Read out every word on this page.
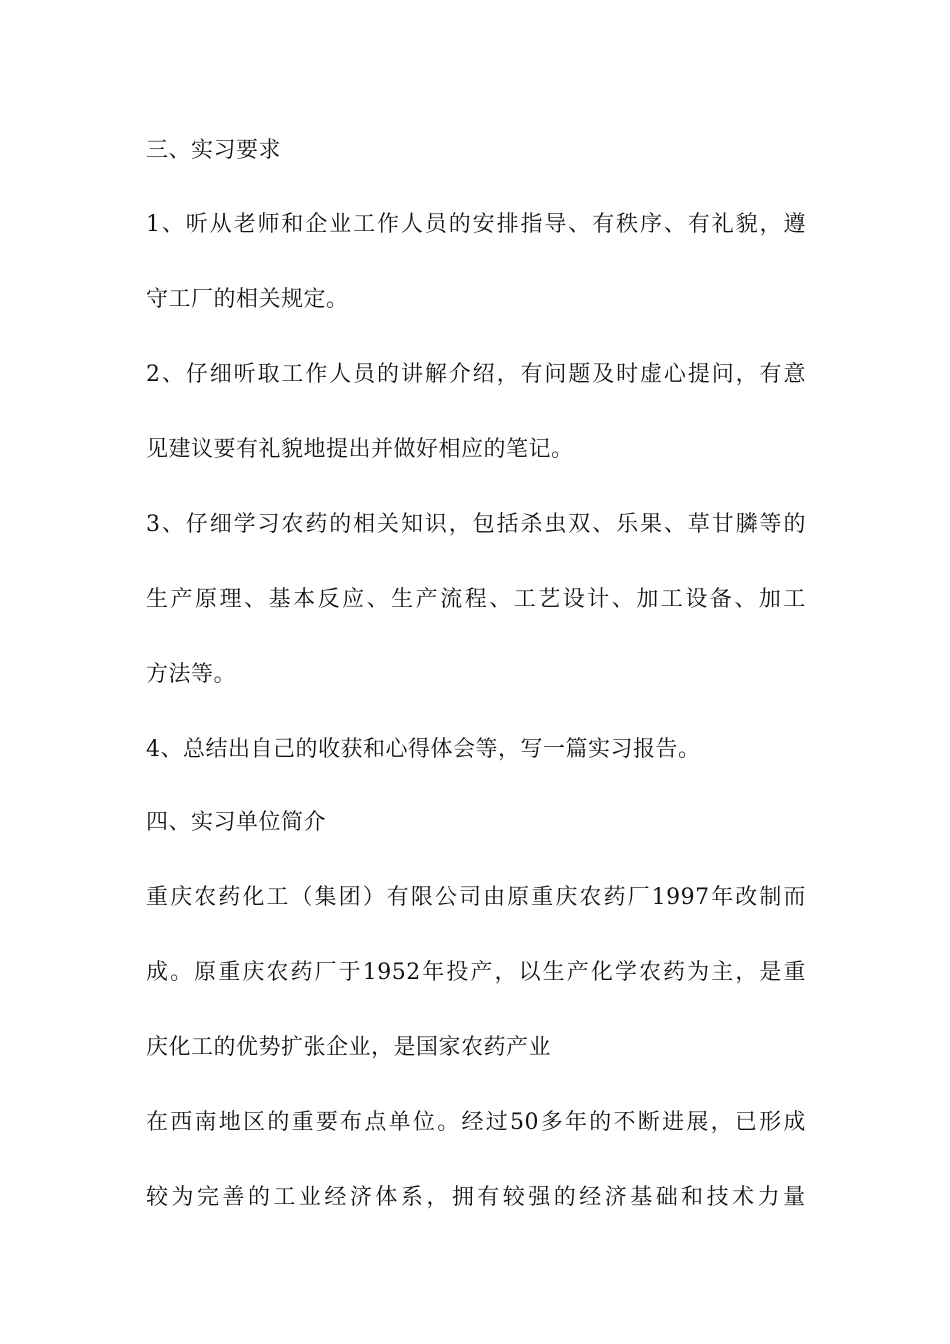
三、实习要求
1 、 听 从 老 师 和 企 业 工 作 人 员 的 安 排 指 导 、 有 秩 序 、 有 礼 貌 ， 遵
守工厂的相关规定。
2 、 仔 细 听 取 工 作 人 员 的 讲 解 介 绍 ， 有 问 题 及 时 虚 心 提 问 ， 有 意
见建议要有礼貌地提出并做好相应的笔记。
3 、 仔 细 学 习 农 药 的 相 关 知 识 ， 包 括 杀 虫 双 、 乐 果 、 草 甘 膦 等 的
生 产 原 理 、 基 本 反 应 、 生 产 流 程 、 工 艺 设 计 、 加 工 设 备 、 加 工
方法等。
4、总结出自己的收获和心得体会等，写一篇实习报告。
四、实习单位简介
重 庆 农 药 化 工 （ 集 团 ） 有 限 公 司 由 原 重 庆 农 药 厂 1997 年 改 制 而
成 。 原 重 庆 农 药 厂 于 1952 年 投 产 ， 以 生 产 化 学 农 药 为 主 ， 是 重
庆化工的优势扩张企业，是国家农药产业
在 西 南 地 区 的 重 要 布 点 单 位 。 经 过 50 多 年 的 不 断 进 展 ， 已 形 成
较 为 完 善 的 工 业 经 济 体 系 ， 拥 有 较 强 的 经 济 基 础 和 技 术 力 量
